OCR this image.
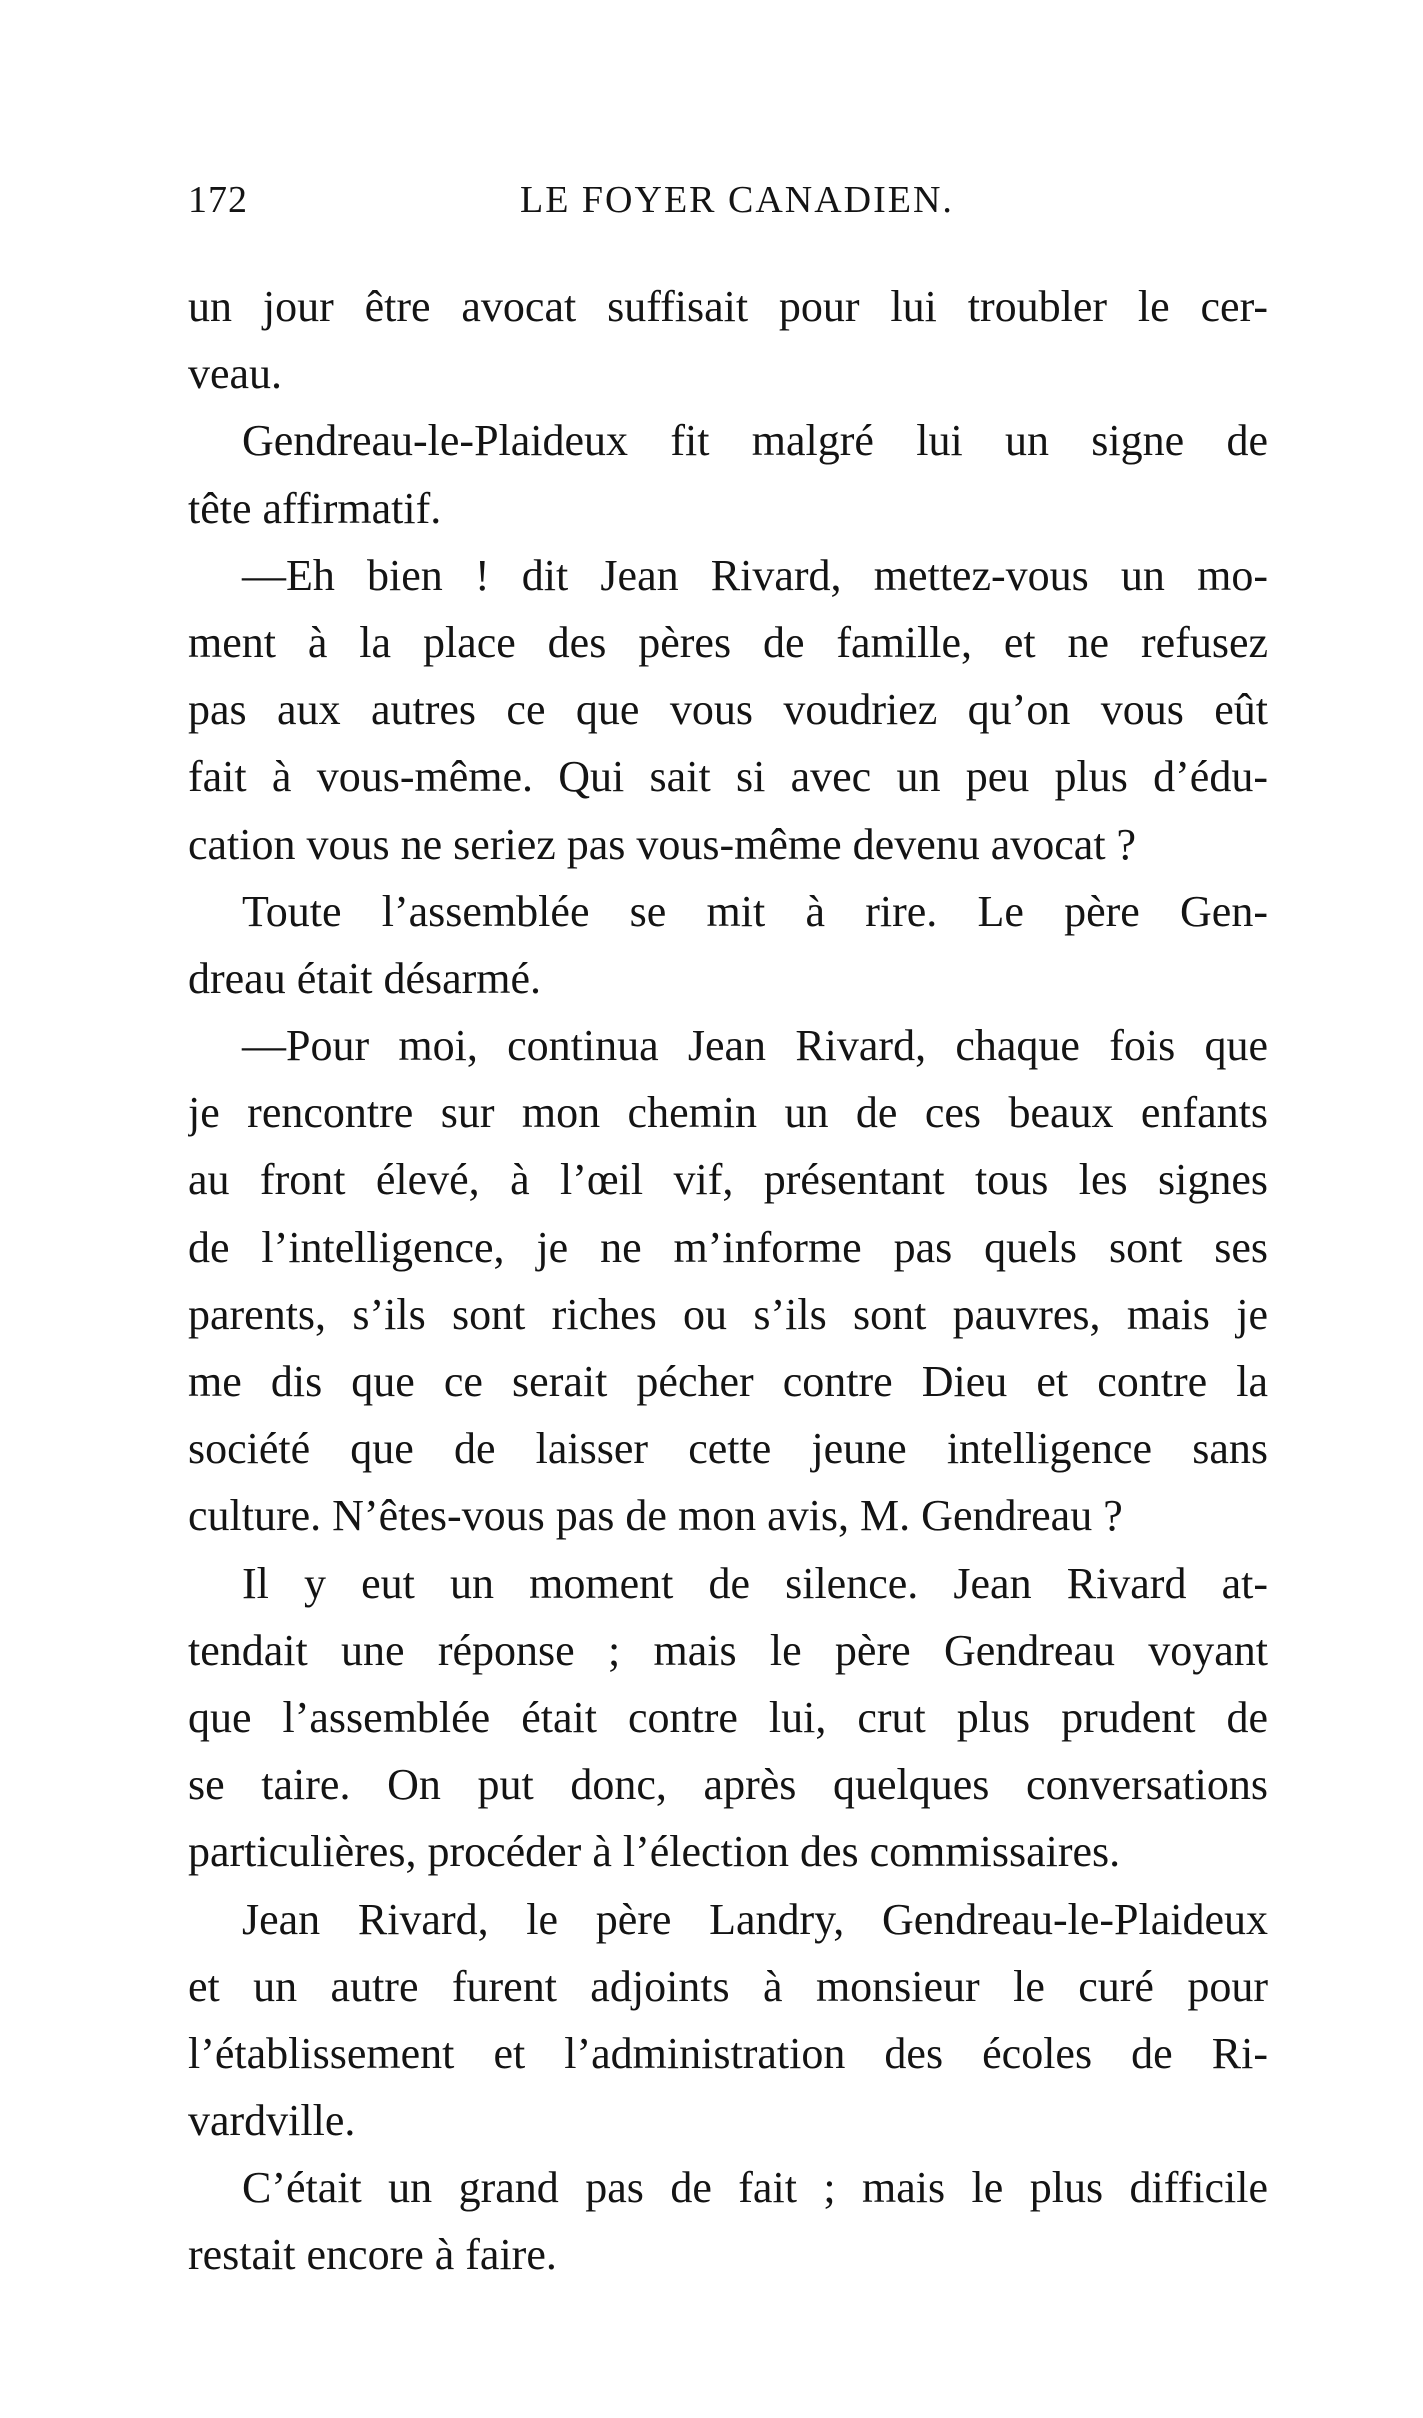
172	LE FOYER CANADIEN.
un jour être avocat suffisait pour lui troubler le cer-
veau.
Gendreau-le-Plaideux fit malgré lui un signe de
tête affirmatif.
—Eh bien ! dit Jean Rivard, mettez-vous un mo-
ment à la place des pères de famille, et ne refusez
pas aux autres ce que vous voudriez qu’on vous eût
fait à vous-même. Qui sait si avec un peu plus d’édu-
cation vous ne seriez pas vous-même devenu avocat ?
Toute l’assemblée se mit à rire. Le père Gen-
dreau était désarmé.
—Pour moi, continua Jean Rivard, chaque fois que
je rencontre sur mon chemin un de ces beaux enfants
au front élevé, à l’œil vif, présentant tous les signes
de l’intelligence, je ne m’informe pas quels sont ses
parents, s’ils sont riches ou s’ils sont pauvres, mais je
me dis que ce serait pécher contre Dieu et contre la
société que de laisser cette jeune intelligence sans
culture. N’êtes-vous pas de mon avis, M. Gendreau ?
Il y eut un moment de silence. Jean Rivard at-
tendait une réponse ; mais le père Gendreau voyant
que l’assemblée était contre lui, crut plus prudent de
se taire. On put donc, après quelques conversations
particulières, procéder à l’élection des commissaires.
Jean Rivard, le père Landry, Gendreau-le-Plaideux
et un autre furent adjoints à monsieur le curé pour
l’établissement et l’administration des écoles de Ri-
vardville.
C’était un grand pas de fait ; mais le plus difficile
restait encore à faire.
